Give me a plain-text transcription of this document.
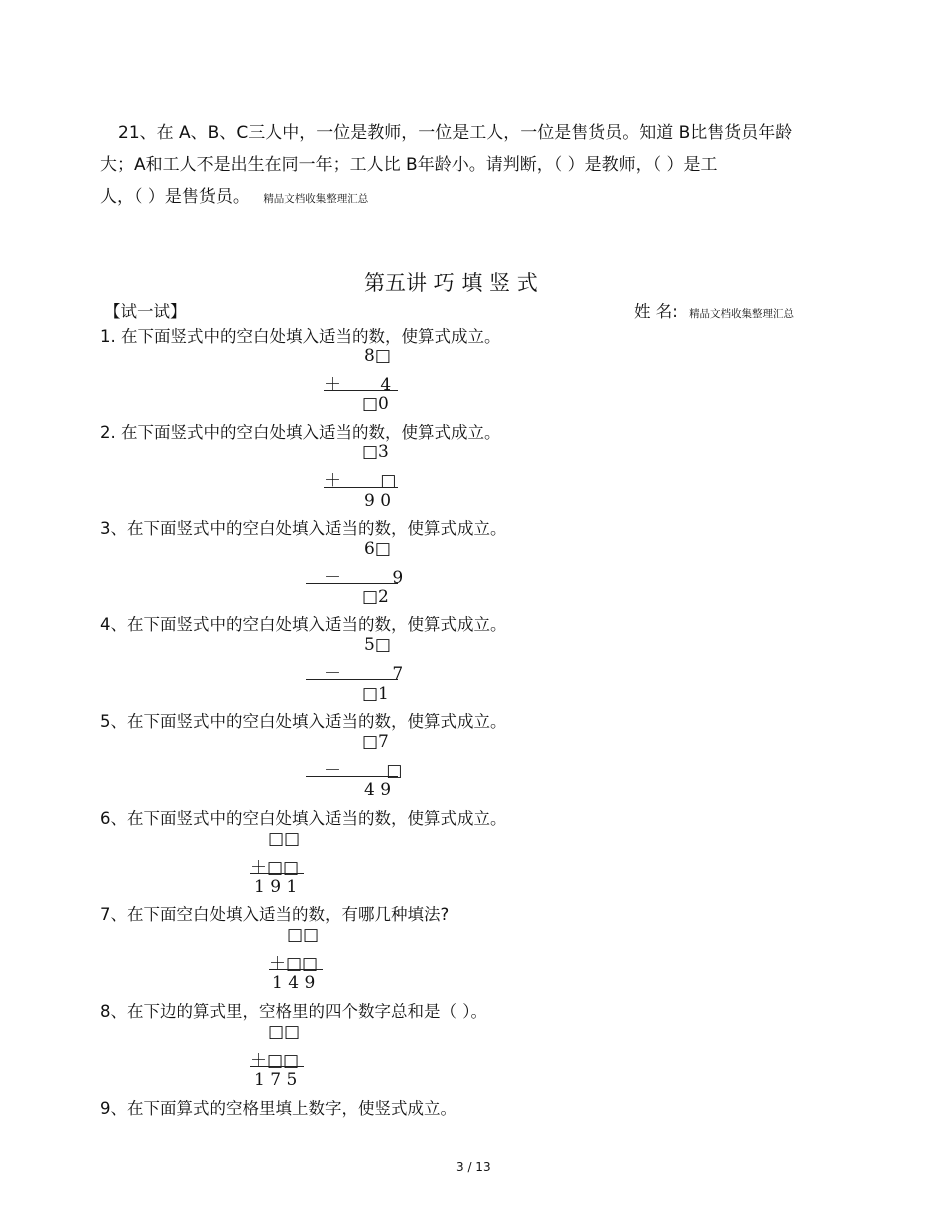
21、在 A、B、C三人中，一位是教师，一位是工人，一位是售货员。知道 B比售货员年龄
大；A和工人不是出生在同一年；工人比 B年龄小。请判断，（ ）是教师，（ ）是工
人，（ ）是售货员。 精品文档收集整理汇总
第五讲 巧 填 竖 式
【试一试】	姓 名: 精品文档收集整理汇总
1. 在下面竖式中的空白处填入适当的数，使算式成立。
8□
＋ 4
□0
2. 在下面竖式中的空白处填入适当的数，使算式成立。
□3
＋ □
9 0
3、在下面竖式中的空白处填入适当的数，使算式成立。
6□
－ 9
□2
4、在下面竖式中的空白处填入适当的数，使算式成立。
5□
－ 7
□1
5、在下面竖式中的空白处填入适当的数，使算式成立。
□7
－ □
4 9
6、在下面竖式中的空白处填入适当的数，使算式成立。
□□
＋□□
1 9 1
7、在下面空白处填入适当的数，有哪几种填法?
□□
＋□□
1 4 9
8、在下边的算式里，空格里的四个数字总和是（ ）。
□□
＋□□
1 7 5
9、在下面算式的空格里填上数字，使竖式成立。
3 / 13
